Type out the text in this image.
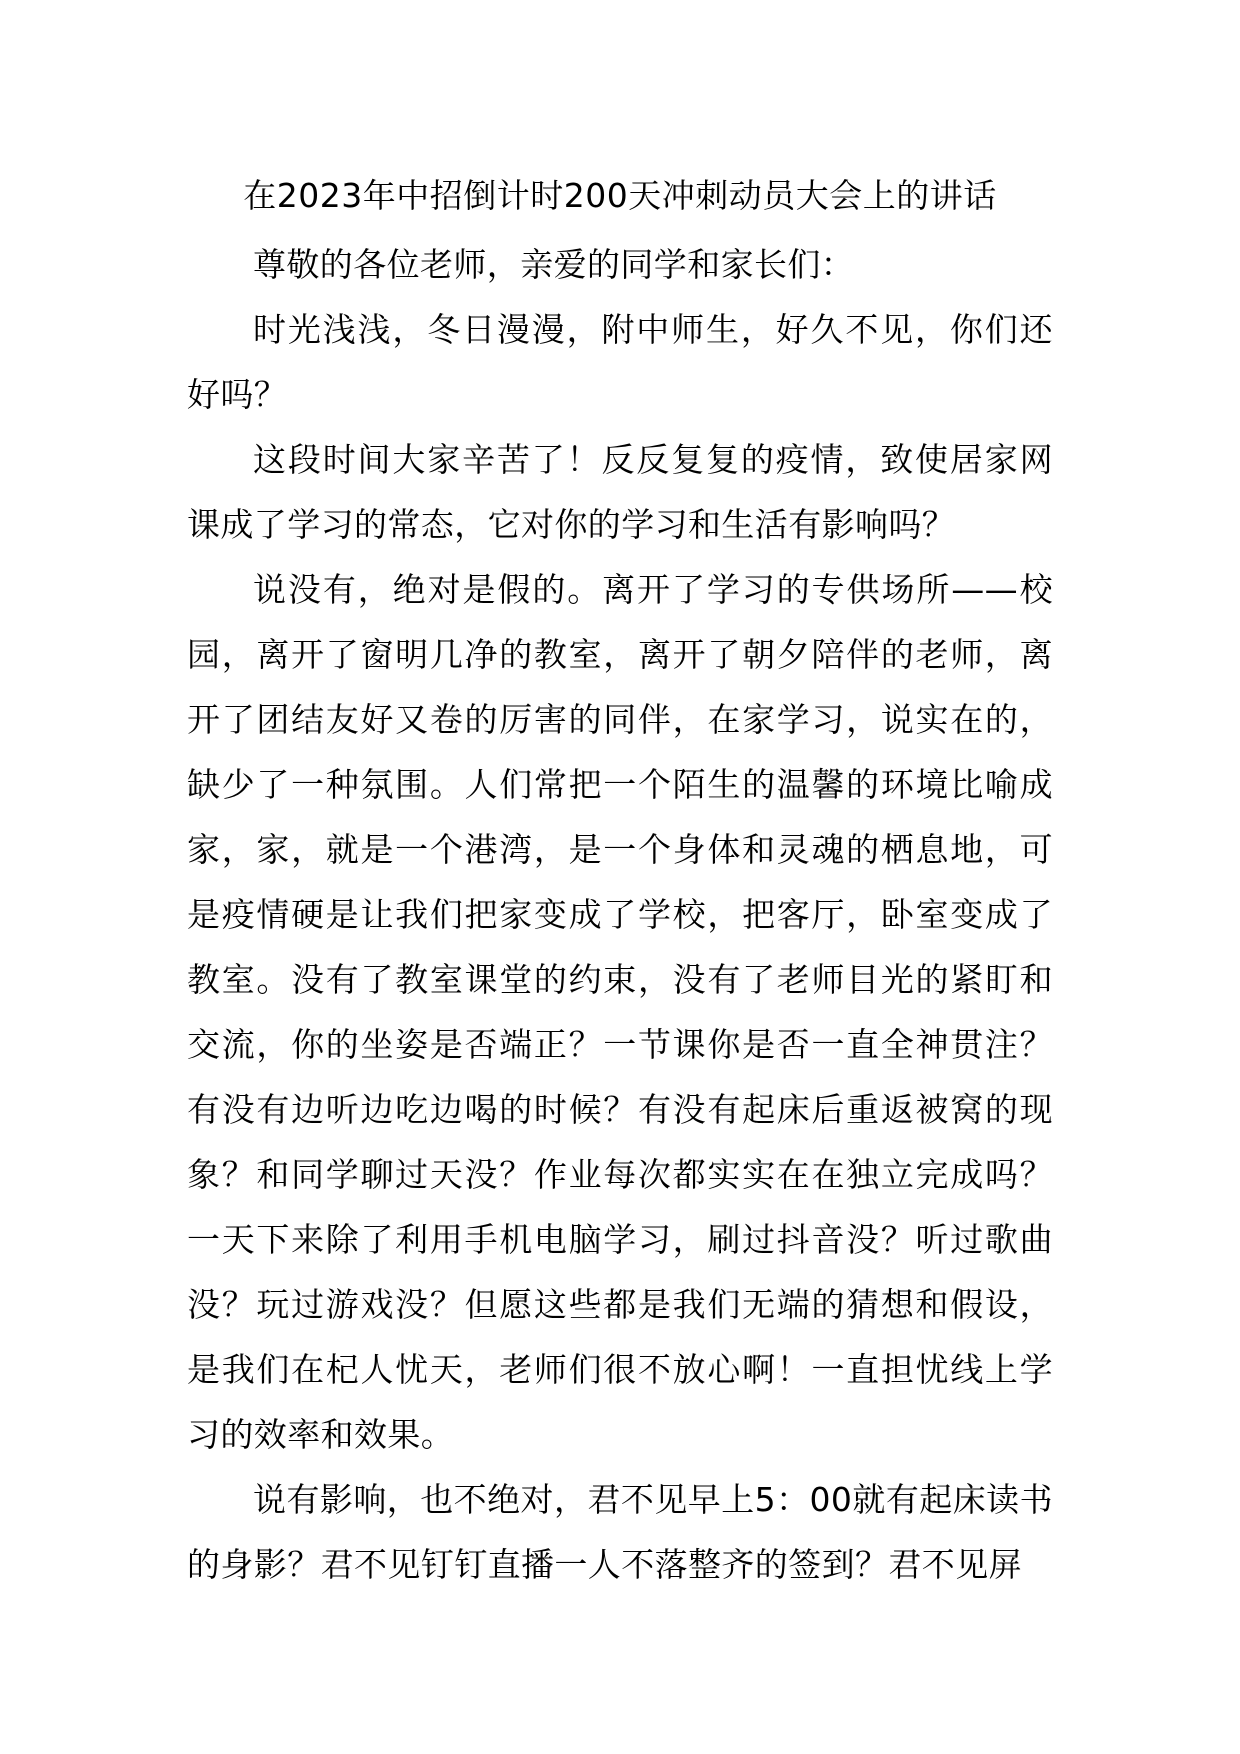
在2023年中招倒计时200天冲刺动员大会上的讲话

尊敬的各位老师，亲爱的同学和家长们：

时光浅浅，冬日漫漫，附中师生，好久不见，你们还好吗？

这段时间大家辛苦了！反反复复的疫情，致使居家网课成了学习的常态，它对你的学习和生活有影响吗？

说没有，绝对是假的。离开了学习的专供场所——校园，离开了窗明几净的教室，离开了朝夕陪伴的老师，离开了团结友好又卷的厉害的同伴，在家学习，说实在的，缺少了一种氛围。人们常把一个陌生的温馨的环境比喻成家，家，就是一个港湾，是一个身体和灵魂的栖息地，可是疫情硬是让我们把家变成了学校，把客厅，卧室变成了教室。没有了教室课堂的约束，没有了老师目光的紧盯和交流，你的坐姿是否端正？一节课你是否一直全神贯注？有没有边听边吃边喝的时候？有没有起床后重返被窝的现象？和同学聊过天没？作业每次都实实在在独立完成吗？一天下来除了利用手机电脑学习，刷过抖音没？听过歌曲没？玩过游戏没？但愿这些都是我们无端的猜想和假设，是我们在杞人忧天，老师们很不放心啊！一直担忧线上学习的效率和效果。

说有影响，也不绝对，君不见早上5：00就有起床读书的身影？君不见钉钉直播一人不落整齐的签到？君不见屏
